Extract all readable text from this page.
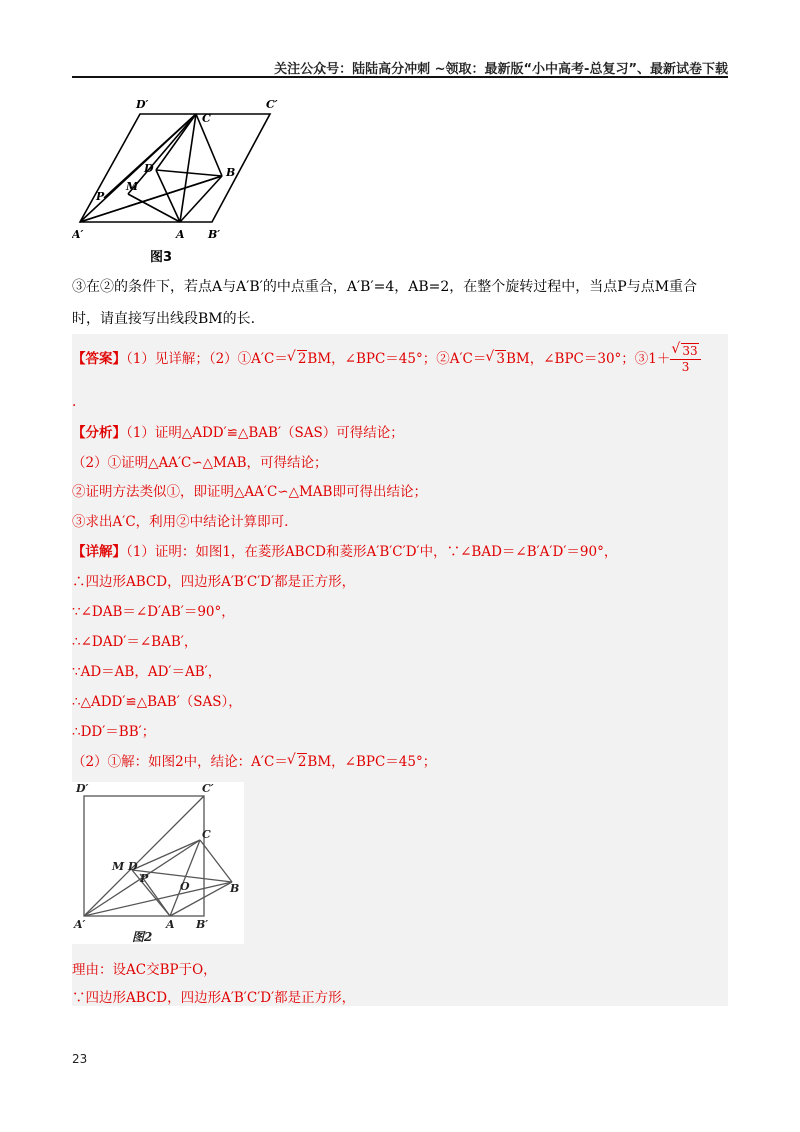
关注公众号：陆陆高分冲刺 ~领取：最新版“小中高考-总复习”、最新试卷下载
D′	C′
C
D	B
M
P
A′	A B′
图3
③在②的条件下，若点A与A′B′的中点重合，A′B′=4，AB=2，在整个旋转过程中，当点P与点M重合
时，请直接写出线段BM的长.
【答案】（1）见详解；（2）①A′C＝ √ 2BM，∠BPC＝45°；②A′C＝ √ 3BM，∠BPC＝30°；③1＋ √ $\frac{33}{3}$
.
【分析】（1）证明△ADD′≌△BAB′（SAS）可得结论；
（2）①证明△AA′C∽△MAB，可得结论；
②证明方法类似①，即证明△AA′C∽△MAB即可得出结论；
③求出A′C，利用②中结论计算即可.
【详解】（1）证明：如图1，在菱形ABCD和菱形A′B′C′D′中，∵∠BAD＝∠B′A′D′＝90°，
∴四边形ABCD，四边形A′B′C′D′都是正方形，
∵∠DAB＝∠D′AB′＝90°，
∴∠DAD′＝∠BAB′，
∵AD＝AB，AD′＝AB′，
∴△ADD′≌△BAB′（SAS），
∴DD′＝BB′；
（2）①解：如图2中，结论：A′C＝ √ 2BM，∠BPC＝45°；
D′	C′
C
M D
P
O	B
A′	A B′
图2
理由：设AC交BP于O，
∵四边形ABCD，四边形A′B′C′D′都是正方形，
23
